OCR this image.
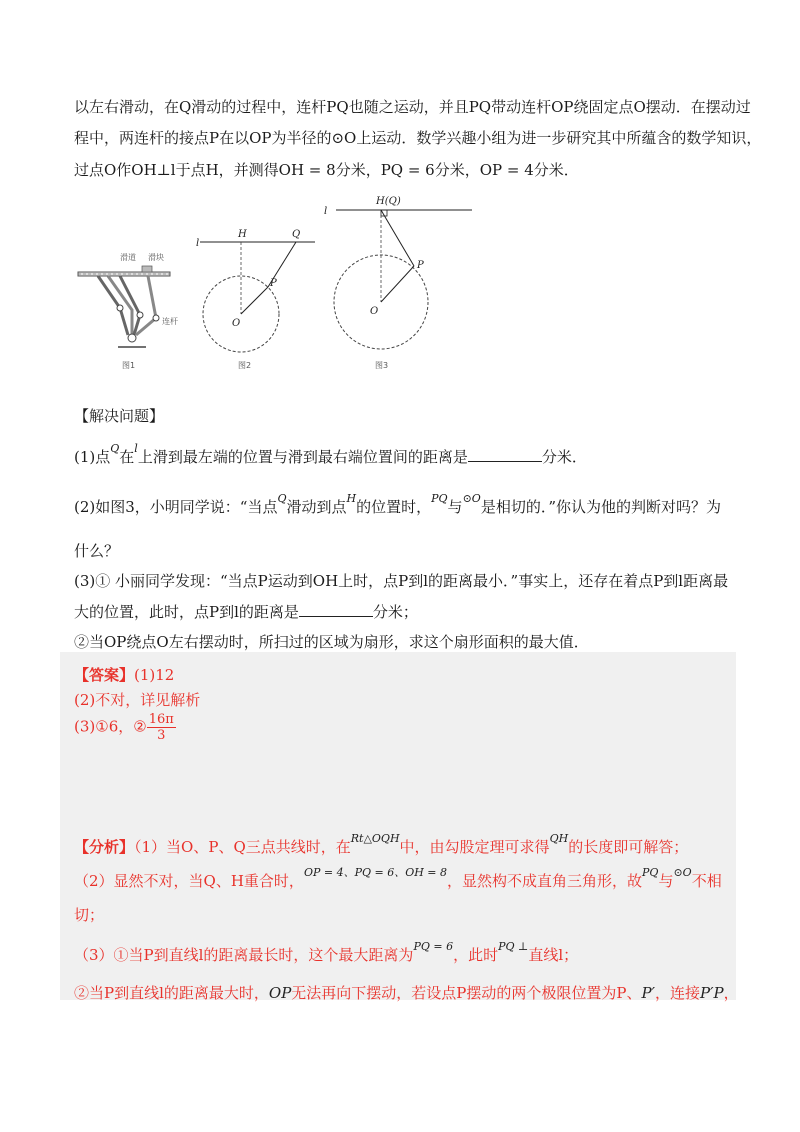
以左右滑动，在Q滑动的过程中，连杆PQ也随之运动，并且PQ带动连杆OP绕固定点O摆动．在摆动过
程中，两连杆的接点P在以OP为半径的⊙O上运动．数学兴趣小组为进一步研究其中所蕴含的数学知识，
过点O作OH⊥l于点H，并测得OH = 8分米，PQ = 6分米，OP = 4分米．
滑道 滑块
连杆
图1
l
H	Q
P
O
图2
l
H(Q)
P
O
图3
【解决问题】
(1)点$^Q$在$^l$上滑到最左端的位置与滑到最右端位置间的距离是	分米．
(2)如图3，小明同学说：“当点$^Q$滑动到点$^H$的位置时，$^{PQ}$与$^{⊙O}$是相切的．”你认为他的判断对吗？为
什么？
(3)① 小丽同学发现：“当点P运动到OH上时，点P到l的距离最小．”事实上，还存在着点P到l距离最
大的位置，此时，点P到l的距离是	分米；
②当OP绕点O左右摆动时，所扫过的区域为扇形，求这个扇形面积的最大值．
【答案】(1)12
(2)不对，详见解析
(3)①6，② $\frac{16\pi}{3}$
【分析】（1）当O、P、Q三点共线时，在$^{Rt\triangle OQH}$中，由勾股定理可求得$^{QH}$的长度即可解答；
（2）显然不对，当Q、H重合时，$^{OP = 4、PQ = 6、OH = 8}$，显然构不成直角三角形，故$^{PQ}$与$^{⊙O}$不相
切；
（3）①当P到直线l的距离最长时，这个最大距离为$^{PQ = 6}$，此时$^{PQ \perp}$直线l；
②当P到直线l的距离最大时，OP无法再向下摆动，若设点P摆动的两个极限位置为P、P′，连接P′P，
